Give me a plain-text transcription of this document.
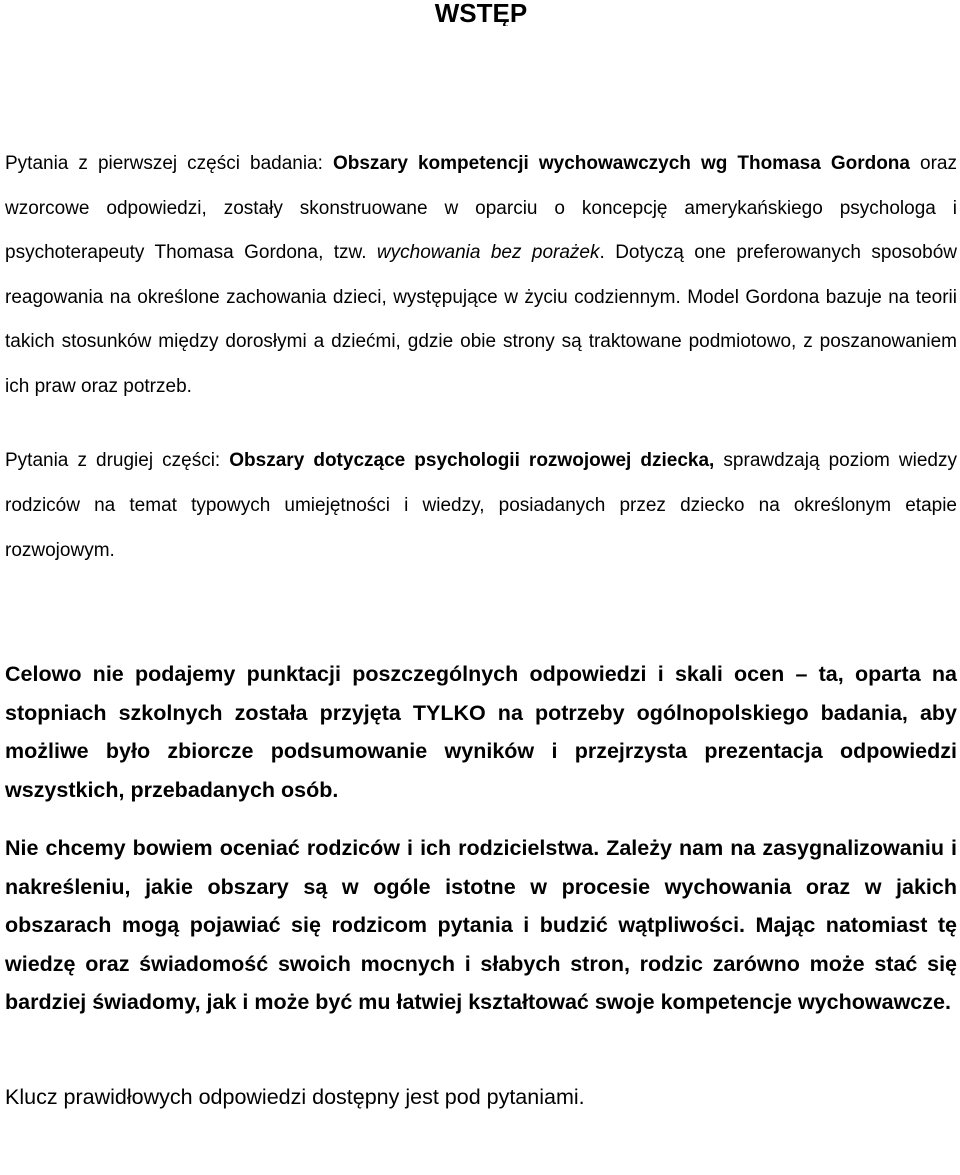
WSTĘP

Pytania z pierwszej części badania: Obszary kompetencji wychowawczych wg Thomasa Gordona oraz wzorcowe odpowiedzi, zostały skonstruowane w oparciu o koncepcję amerykańskiego psychologa i psychoterapeuty Thomasa Gordona, tzw. wychowania bez porażek. Dotyczą one preferowanych sposobów reagowania na określone zachowania dzieci, występujące w życiu codziennym. Model Gordona bazuje na teorii takich stosunków między dorosłymi a dziećmi, gdzie obie strony są traktowane podmiotowo, z poszanowaniem ich praw oraz potrzeb.

Pytania z drugiej części: Obszary dotyczące psychologii rozwojowej dziecka, sprawdzają poziom wiedzy rodziców na temat typowych umiejętności i wiedzy, posiadanych przez dziecko na określonym etapie rozwojowym.

Celowo nie podajemy punktacji poszczególnych odpowiedzi i skali ocen – ta, oparta na stopniach szkolnych została przyjęta TYLKO na potrzeby ogólnopolskiego badania, aby możliwe było zbiorcze podsumowanie wyników i przejrzysta prezentacja odpowiedzi wszystkich, przebadanych osób.

Nie chcemy bowiem oceniać rodziców i ich rodzicielstwa. Zależy nam na zasygnalizowaniu i nakreśleniu, jakie obszary są w ogóle istotne w procesie wychowania oraz w jakich obszarach mogą pojawiać się rodzicom pytania i budzić wątpliwości. Mając natomiast tę wiedzę oraz świadomość swoich mocnych i słabych stron, rodzic zarówno może stać się bardziej świadomy, jak i może być mu łatwiej kształtować swoje kompetencje wychowawcze.

Klucz prawidłowych odpowiedzi dostępny jest pod pytaniami.
